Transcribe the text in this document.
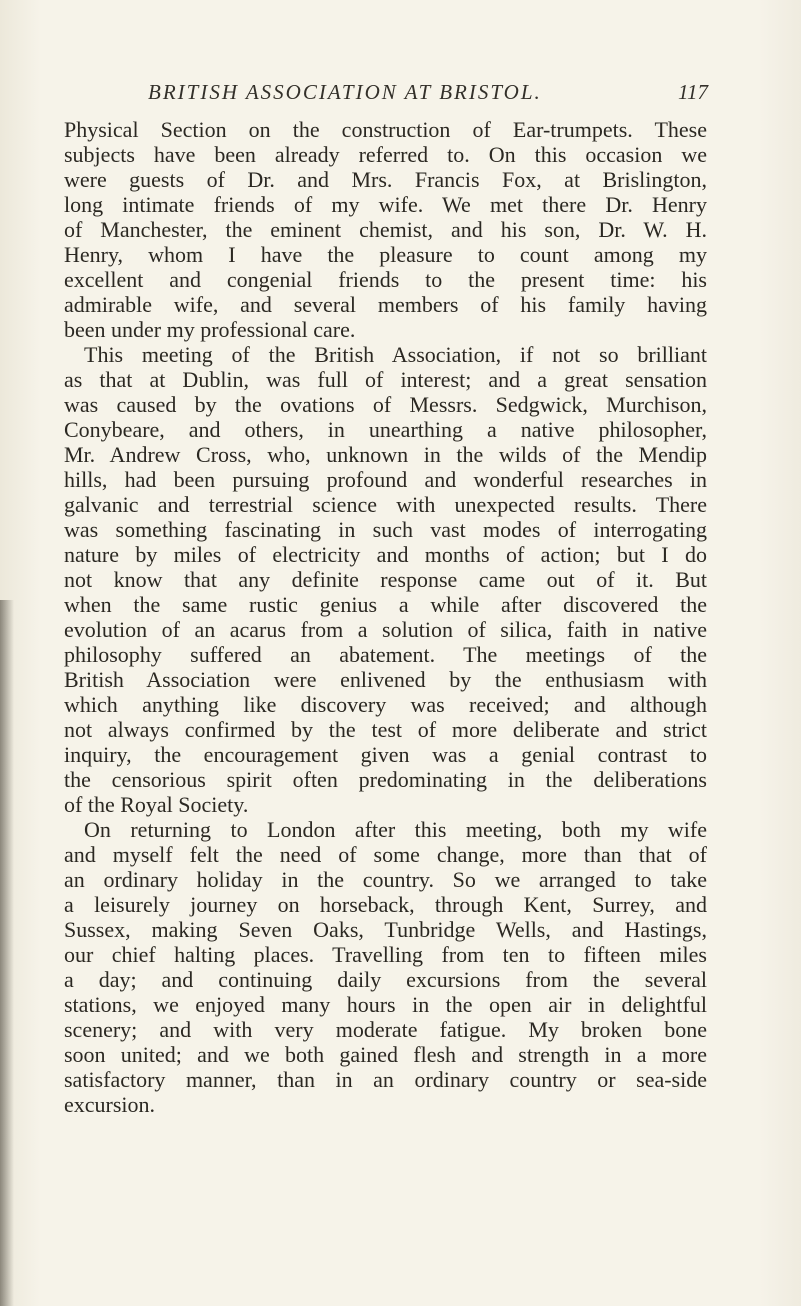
BRITISH ASSOCIATION AT BRISTOL.	117
Physical Section on the construction of Ear-trumpets. These
subjects have been already referred to. On this occasion we
were guests of Dr. and Mrs. Francis Fox, at Brislington,
long intimate friends of my wife. We met there Dr. Henry
of Manchester, the eminent chemist, and his son, Dr. W. H.
Henry, whom I have the pleasure to count among my
excellent and congenial friends to the present time: his
admirable wife, and several members of his family having
been under my professional care.
This meeting of the British Association, if not so brilliant
as that at Dublin, was full of interest; and a great sensation
was caused by the ovations of Messrs. Sedgwick, Murchison,
Conybeare, and others, in unearthing a native philosopher,
Mr. Andrew Cross, who, unknown in the wilds of the Mendip
hills, had been pursuing profound and wonderful researches in
galvanic and terrestrial science with unexpected results. There
was something fascinating in such vast modes of interrogating
nature by miles of electricity and months of action; but I do
not know that any definite response came out of it. But
when the same rustic genius a while after discovered the
evolution of an acarus from a solution of silica, faith in native
philosophy suffered an abatement. The meetings of the
British Association were enlivened by the enthusiasm with
which anything like discovery was received; and although
not always confirmed by the test of more deliberate and strict
inquiry, the encouragement given was a genial contrast to
the censorious spirit often predominating in the deliberations
of the Royal Society.
On returning to London after this meeting, both my wife
and myself felt the need of some change, more than that of
an ordinary holiday in the country. So we arranged to take
a leisurely journey on horseback, through Kent, Surrey, and
Sussex, making Seven Oaks, Tunbridge Wells, and Hastings,
our chief halting places. Travelling from ten to fifteen miles
a day; and continuing daily excursions from the several
stations, we enjoyed many hours in the open air in delightful
scenery; and with very moderate fatigue. My broken bone
soon united; and we both gained flesh and strength in a more
satisfactory manner, than in an ordinary country or sea-side
excursion.
